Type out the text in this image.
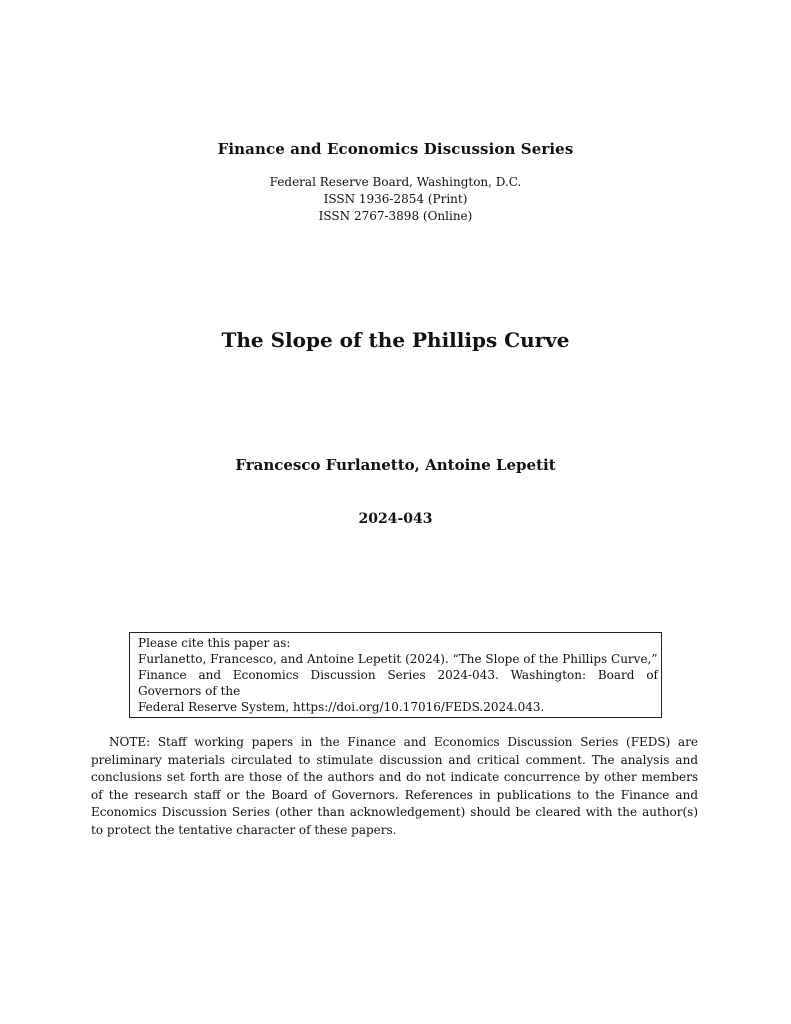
Finance and Economics Discussion Series
Federal Reserve Board, Washington, D.C.
ISSN 1936-2854 (Print)
ISSN 2767-3898 (Online)
The Slope of the Phillips Curve
Francesco Furlanetto, Antoine Lepetit
2024-043
Please cite this paper as:
Furlanetto, Francesco, and Antoine Lepetit (2024). “The Slope of the Phillips Curve,”
Finance and Economics Discussion Series 2024-043. Washington: Board of Governors of the
Federal Reserve System, https://doi.org/10.17016/FEDS.2024.043.
NOTE: Staff working papers in the Finance and Economics Discussion Series (FEDS) are preliminary materials circulated to stimulate discussion and critical comment. The analysis and conclusions set forth are those of the authors and do not indicate concurrence by other members of the research staff or the Board of Governors. References in publications to the Finance and Economics Discussion Series (other than acknowledgement) should be cleared with the author(s) to protect the tentative character of these papers.
